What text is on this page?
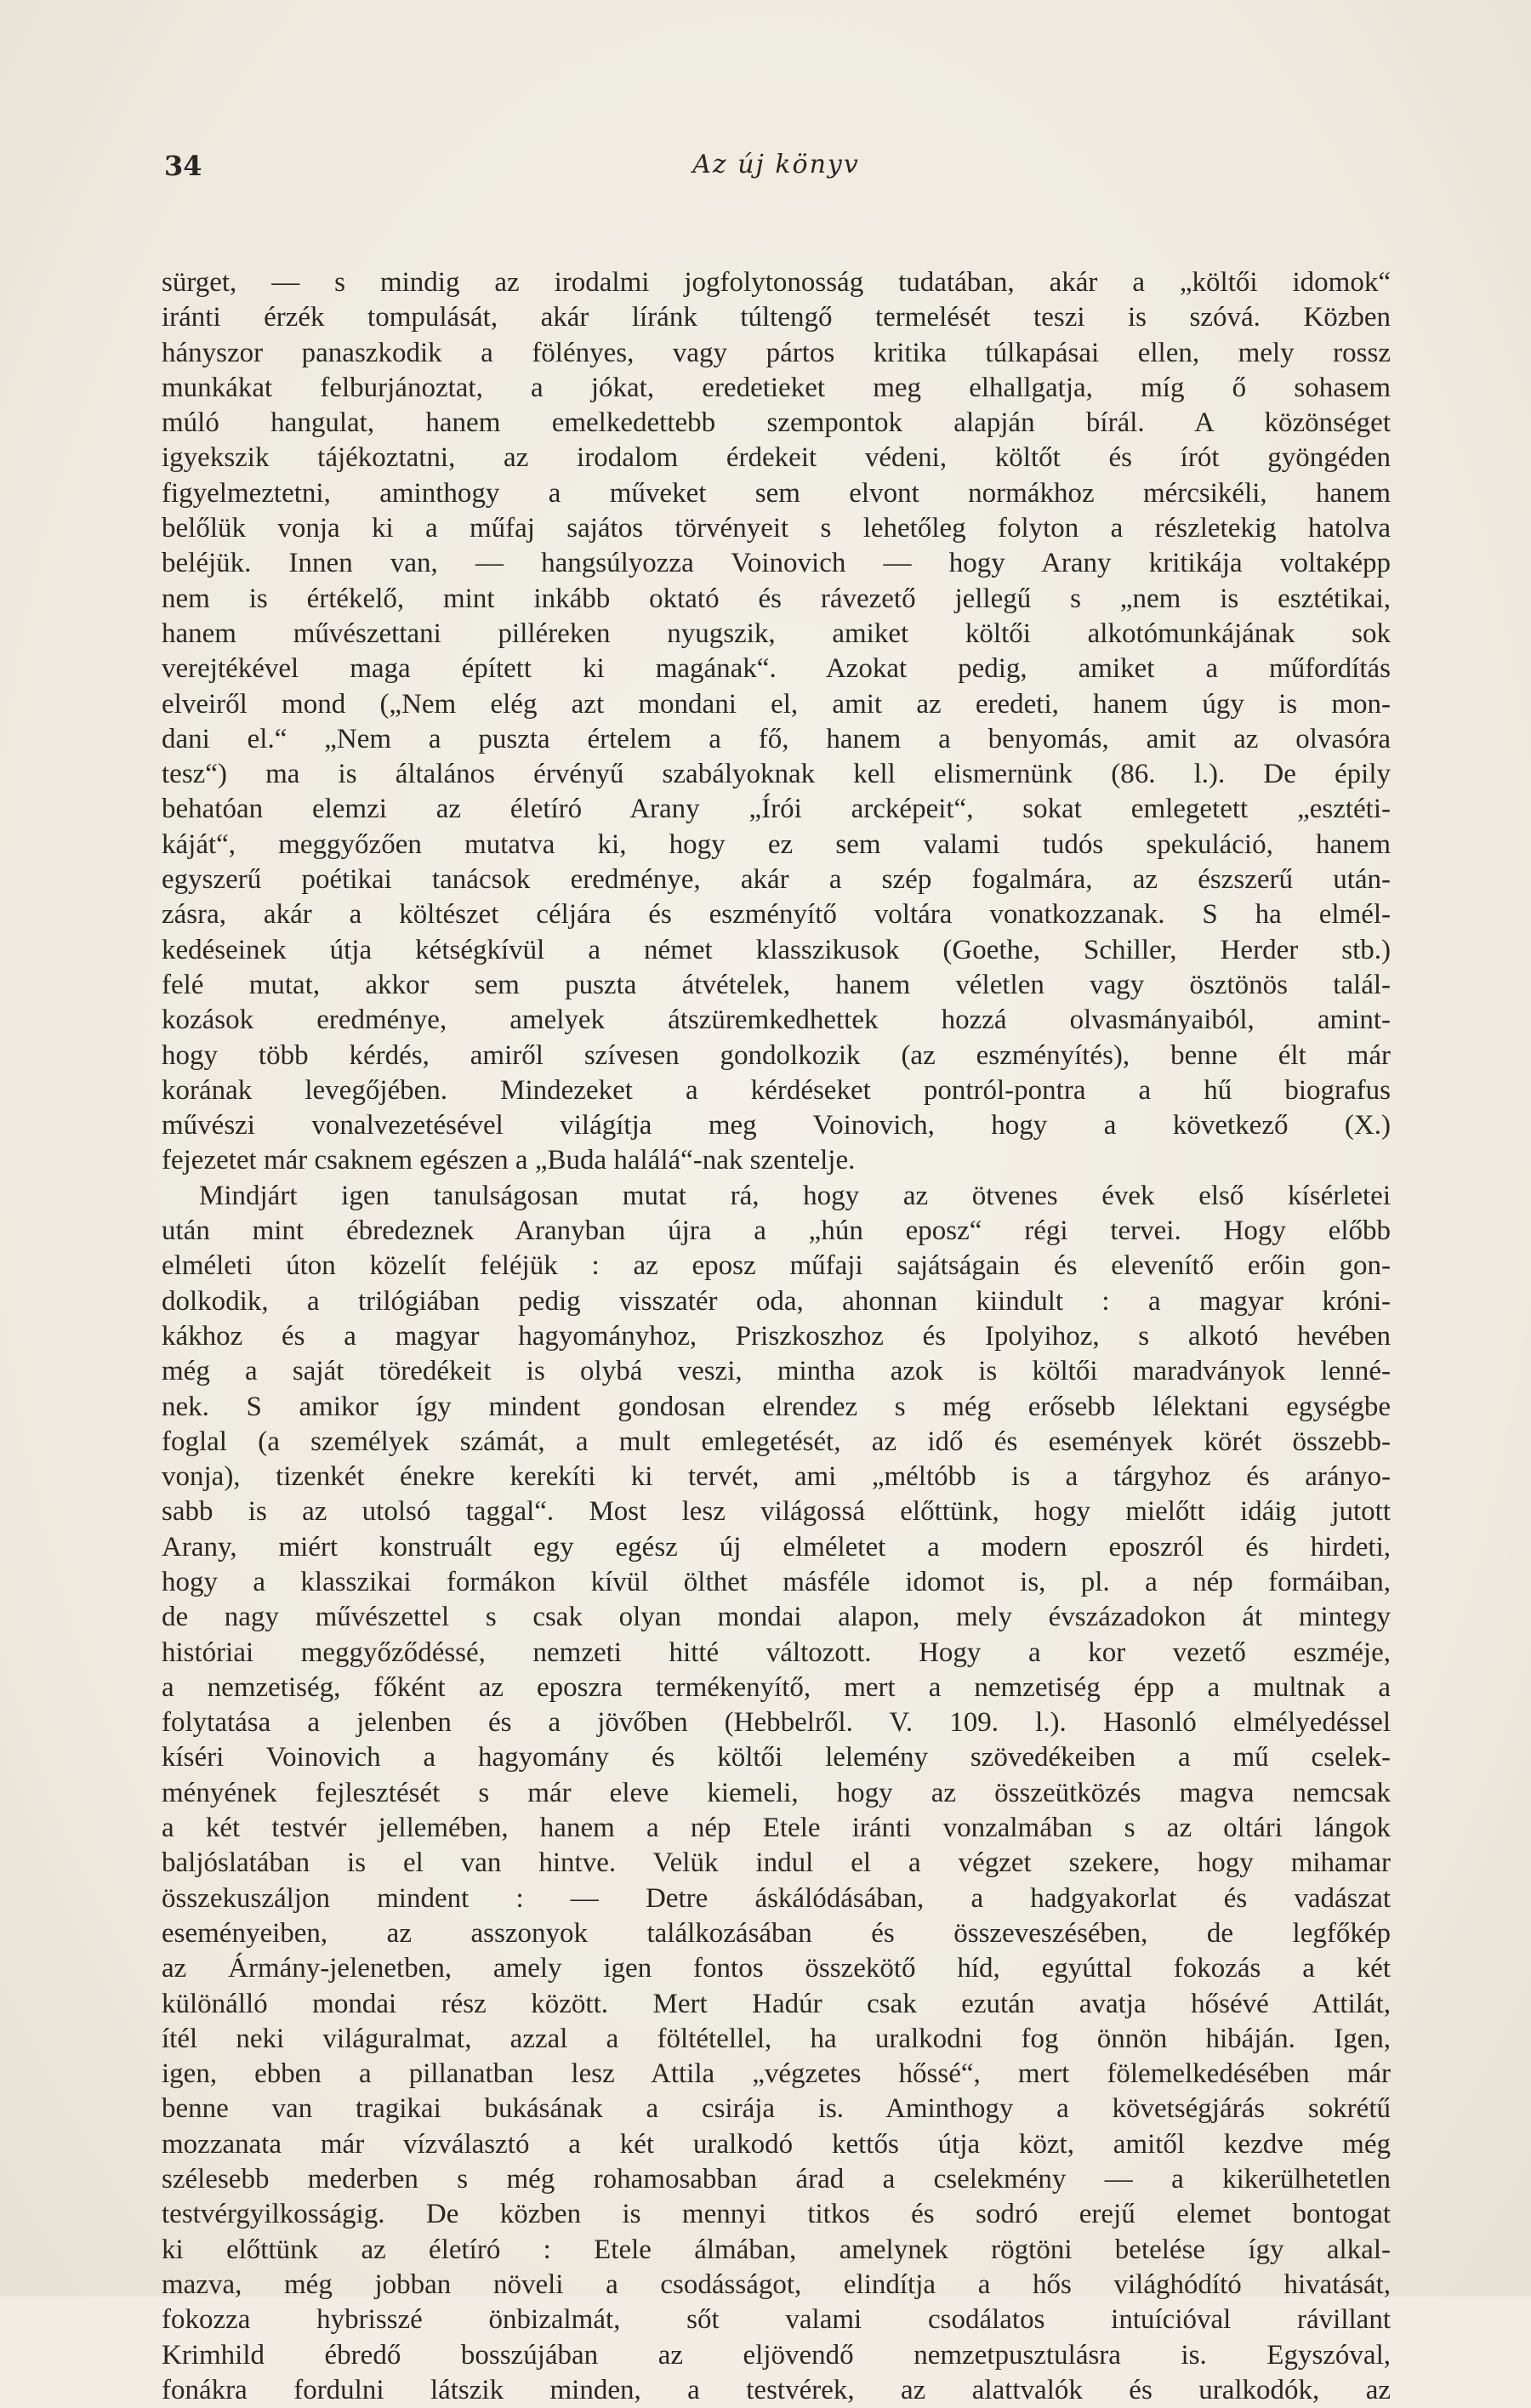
34	Az új könyv
sürget, — s mindig az irodalmi jogfolytonosság tudatában, akár a „költői idomok“
iránti érzék tompulását, akár líránk túltengő termelését teszi is szóvá. Közben
hányszor panaszkodik a fölényes, vagy pártos kritika túlkapásai ellen, mely rossz
munkákat felburjánoztat, a jókat, eredetieket meg elhallgatja, míg ő sohasem
múló hangulat, hanem emelkedettebb szempontok alapján bírál. A közönséget
igyekszik tájékoztatni, az irodalom érdekeit védeni, költőt és írót gyöngéden
figyelmeztetni, aminthogy a műveket sem elvont normákhoz mércsikéli, hanem
belőlük vonja ki a műfaj sajátos törvényeit s lehetőleg folyton a részletekig hatolva
beléjük. Innen van, — hangsúlyozza Voinovich — hogy Arany kritikája voltaképp
nem is értékelő, mint inkább oktató és rávezető jellegű s „nem is esztétikai,
hanem művészettani pilléreken nyugszik, amiket költői alkotómunkájának sok
verejtékével maga épített ki magának“. Azokat pedig, amiket a műfordítás
elveiről mond („Nem elég azt mondani el, amit az eredeti, hanem úgy is mon-
dani el.“ „Nem a puszta értelem a fő, hanem a benyomás, amit az olvasóra
tesz“) ma is általános érvényű szabályoknak kell elismernünk (86. l.). De épily
behatóan elemzi az életíró Arany „Írói arcképeit“, sokat emlegetett „esztéti-
káját“, meggyőzően mutatva ki, hogy ez sem valami tudós spekuláció, hanem
egyszerű poétikai tanácsok eredménye, akár a szép fogalmára, az észszerű után-
zásra, akár a költészet céljára és eszményítő voltára vonatkozzanak. S ha elmél-
kedéseinek útja kétségkívül a német klasszikusok (Goethe, Schiller, Herder stb.)
felé mutat, akkor sem puszta átvételek, hanem véletlen vagy ösztönös talál-
kozások eredménye, amelyek átszüremkedhettek hozzá olvasmányaiból, amint-
hogy több kérdés, amiről szívesen gondolkozik (az eszményítés), benne élt már
korának levegőjében. Mindezeket a kérdéseket pontról-pontra a hű biografus
művészi vonalvezetésével világítja meg Voinovich, hogy a következő (X.)
fejezetet már csaknem egészen a „Buda halálá“-nak szentelje.
Mindjárt igen tanulságosan mutat rá, hogy az ötvenes évek első kísérletei
után mint ébredeznek Aranyban újra a „hún eposz“ régi tervei. Hogy előbb
elméleti úton közelít feléjük : az eposz műfaji sajátságain és elevenítő erőin gon-
dolkodik, a trilógiában pedig visszatér oda, ahonnan kiindult : a magyar króni-
kákhoz és a magyar hagyományhoz, Priszkoszhoz és Ipolyihoz, s alkotó hevében
még a saját töredékeit is olybá veszi, mintha azok is költői maradványok lenné-
nek. S amikor így mindent gondosan elrendez s még erősebb lélektani egységbe
foglal (a személyek számát, a mult emlegetését, az idő és események körét összebb-
vonja), tizenkét énekre kerekíti ki tervét, ami „méltóbb is a tárgyhoz és arányo-
sabb is az utolsó taggal“. Most lesz világossá előttünk, hogy mielőtt idáig jutott
Arany, miért konstruált egy egész új elméletet a modern eposzról és hirdeti,
hogy a klasszikai formákon kívül ölthet másféle idomot is, pl. a nép formáiban,
de nagy művészettel s csak olyan mondai alapon, mely évszázadokon át mintegy
históriai meggyőződéssé, nemzeti hitté változott. Hogy a kor vezető eszméje,
a nemzetiség, főként az eposzra termékenyítő, mert a nemzetiség épp a multnak a
folytatása a jelenben és a jövőben (Hebbelről. V. 109. l.). Hasonló elmélyedéssel
kíséri Voinovich a hagyomány és költői lelemény szövedékeiben a mű cselek-
ményének fejlesztését s már eleve kiemeli, hogy az összeütközés magva nemcsak
a két testvér jellemében, hanem a nép Etele iránti vonzalmában s az oltári lángok
baljóslatában is el van hintve. Velük indul el a végzet szekere, hogy mihamar
összekuszáljon mindent : — Detre áskálódásában, a hadgyakorlat és vadászat
eseményeiben, az asszonyok találkozásában és összeveszésében, de legfőkép
az Ármány-jelenetben, amely igen fontos összekötő híd, egyúttal fokozás a két
különálló mondai rész között. Mert Hadúr csak ezután avatja hősévé Attilát,
ítél neki világuralmat, azzal a föltétellel, ha uralkodni fog önnön hibáján. Igen,
igen, ebben a pillanatban lesz Attila „végzetes hőssé“, mert fölemelkedésében már
benne van tragikai bukásának a csirája is. Aminthogy a követségjárás sokrétű
mozzanata már vízválasztó a két uralkodó kettős útja közt, amitől kezdve még
szélesebb mederben s még rohamosabban árad a cselekmény — a kikerülhetetlen
testvérgyilkosságig. De közben is mennyi titkos és sodró erejű elemet bontogat
ki előttünk az életíró : Etele álmában, amelynek rögtöni betelése így alkal-
mazva, még jobban növeli a csodásságot, elindítja a hős világhódító hivatását,
fokozza hybrisszé önbizalmát, sőt valami csodálatos intuícióval rávillant
Krimhild ébredő bosszújában az eljövendő nemzetpusztulásra is. Egyszóval,
fonákra fordulni látszik minden, a testvérek, az alattvalók és uralkodók, az
